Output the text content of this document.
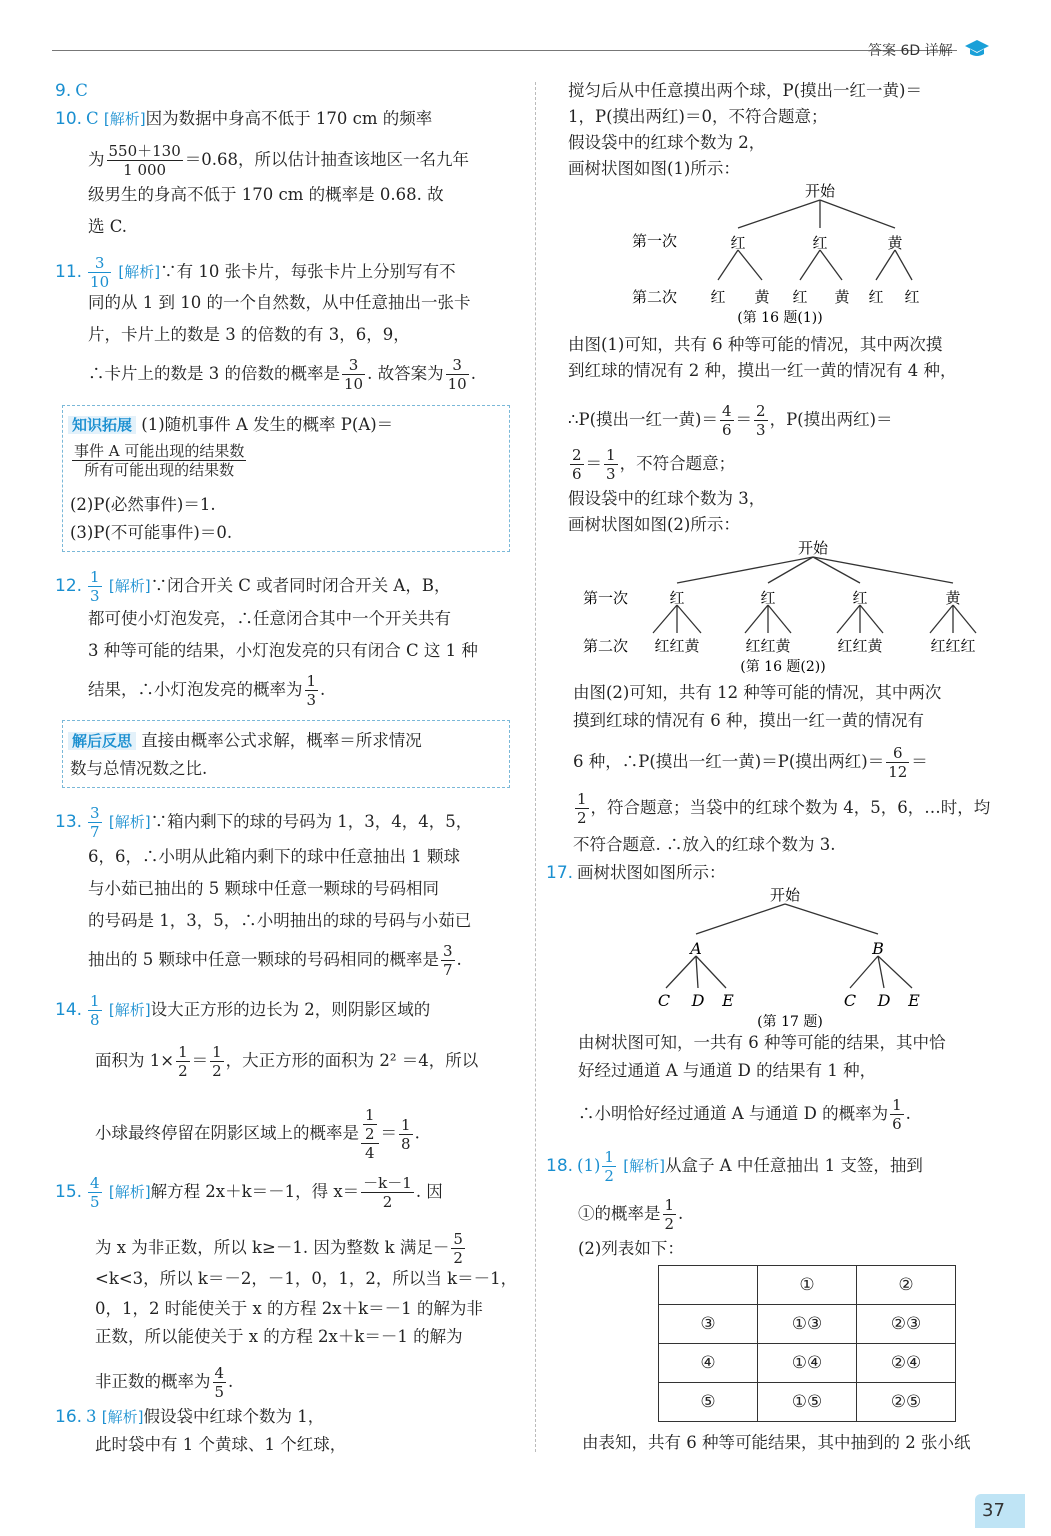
答案 6D 详解
9. C
10. C [解析]因为数据中身高不低于 170 cm 的频率
为 $\frac{550+130}{1 000} =0.68$，所以估计抽查该地区一名九年
级男生的身高不低于 170 cm 的概率是 0.68. 故
选 C.
11. $\frac{3}{10}$ [解析]∵有 10 张卡片，每张卡片上分别写有不
同的从 1 到 10 的一个自然数，从中任意抽出一张卡
片，卡片上的数是 3 的倍数的有 3，6，9，
∴卡片上的数是 3 的倍数的概率是 $\frac{3}{10}$ . 故答案为 $\frac{3}{10}$ .
知识拓展 (1)随机事件 A 发生的概率 P(A)＝
事件 A 可能出现的结果数
所有可能出现的结果数
(2)P(必然事件)＝1.
(3)P(不可能事件)＝0.
12. $\frac{1}{3}$ [解析]∵闭合开关 C 或者同时闭合开关 A，B，
都可使小灯泡发亮，∴任意闭合其中一个开关共有
3 种等可能的结果，小灯泡发亮的只有闭合 C 这 1 种
结果，∴小灯泡发亮的概率为 $\frac{1}{3}$ .
解后反思 直接由概率公式求解，概率＝所求情况
数与总情况数之比.
13. $\frac{3}{7}$ [解析]∵箱内剩下的球的号码为 1，3，4，4，5，
6，6，∴小明从此箱内剩下的球中任意抽出 1 颗球
与小茹已抽出的 5 颗球中任意一颗球的号码相同
的号码是 1，3，5，∴小明抽出的球的号码与小茹已
抽出的 5 颗球中任意一颗球的号码相同的概率是 $\frac{3}{7}$ .
14. $\frac{1}{8}$ [解析]设大正方形的边长为 2，则阴影区域的
面积为 $1\times \frac{1}{2} = \frac{1}{2}$ ，大正方形的面积为 2² ＝4，所以
小球最终停留在阴影区域上的概率是 $\frac{\frac{1}{2}}{4} = \frac{1}{8}$ .
15. $\frac{4}{5}$ [解析]解方程 2x＋k＝－1，得 $x= \frac{-k-1}{2}$ . 因
为 x 为非正数，所以 k≥－1. 因为整数 k 满足－ $\frac{5}{2}$
<k<3，所以 k＝－2，－1，0，1，2，所以当 k＝－1，
0，1，2 时能使关于 x 的方程 2x＋k＝－1 的解为非
正数，所以能使关于 x 的方程 2x＋k＝－1 的解为
非正数的概率为 $\frac{4}{5}$ .
16. 3 [解析]假设袋中红球个数为 1，
此时袋中有 1 个黄球、1 个红球，
搅匀后从中任意摸出两个球，P(摸出一红一黄)＝
1，P(摸出两红)＝0，不符合题意；
假设袋中的红球个数为 2，
画树状图如图(1)所示：
开始
第一次
第二次
红	红	黄
红 黄 红 黄 红 红
(第 16 题(1))
由图(1)可知，共有 6 种等可能的情况，其中两次摸
到红球的情况有 2 种，摸出一红一黄的情况有 4 种，
∴P(摸出一红一黄)＝ $\frac{4}{6} = \frac{2}{3}$ ，P(摸出两红)＝
$\frac{2}{6} = \frac{1}{3}$ ，不符合题意；
假设袋中的红球个数为 3，
画树状图如图(2)所示：
开始
第一次
第二次
红	红	红	黄
红红黄	红红黄	红红黄	红红红
(第 16 题(2))
由图(2)可知，共有 12 种等可能的情况，其中两次
摸到红球的情况有 6 种，摸出一红一黄的情况有
6 种，∴P(摸出一红一黄)＝P(摸出两红)＝ $\frac{6}{12}$ ＝
$\frac{1}{2}$ ，符合题意；当袋中的红球个数为 4，5，6，…时，均
不符合题意. ∴放入的红球个数为 3.
17. 画树状图如图所示：
开始
A	B
C D E	C D E
(第 17 题)
由树状图可知，一共有 6 种等可能的结果，其中恰
好经过通道 A 与通道 D 的结果有 1 种，
∴小明恰好经过通道 A 与通道 D 的概率为 $\frac{1}{6}$ .
18. $(1) \frac{1}{2}$ [解析]从盒子 A 中任意抽出 1 支签，抽到
①的概率是 $\frac{1}{2}$ .
(2)列表如下：
	①	②
③	①③	②③
④	①④	②④
⑤	①⑤	②⑤
由表知，共有 6 种等可能结果，其中抽到的 2 张小纸
37
